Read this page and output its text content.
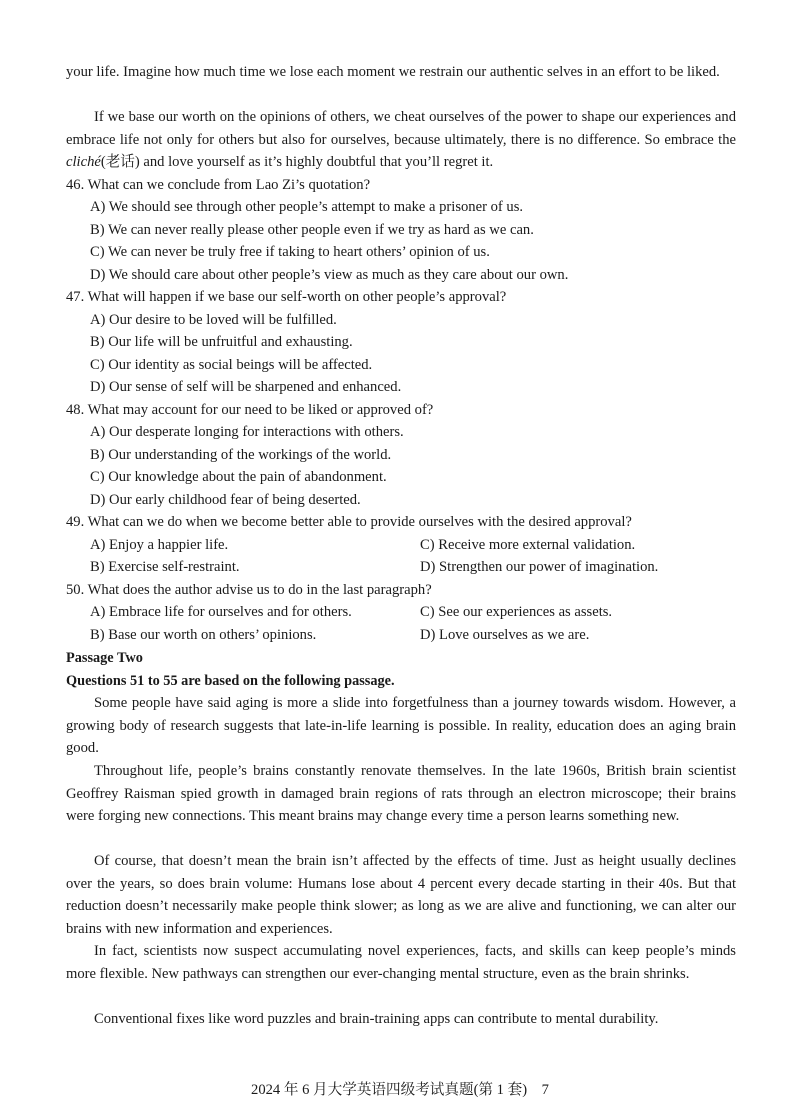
your life. Imagine how much time we lose each moment we restrain our authentic selves in an effort to be liked.

If we base our worth on the opinions of others, we cheat ourselves of the power to shape our experiences and embrace life not only for others but also for ourselves, because ultimately, there is no difference. So embrace the cliché(老话) and love yourself as it’s highly doubtful that you’ll regret it.

46. What can we conclude from Lao Zi’s quotation?

A) We should see through other people’s attempt to make a prisoner of us.

B) We can never really please other people even if we try as hard as we can.

C) We can never be truly free if taking to heart others’ opinion of us.

D) We should care about other people’s view as much as they care about our own.

47. What will happen if we base our self-worth on other people’s approval?

A) Our desire to be loved will be fulfilled.

B) Our life will be unfruitful and exhausting.

C) Our identity as social beings will be affected.

D) Our sense of self will be sharpened and enhanced.

48. What may account for our need to be liked or approved of?

A) Our desperate longing for interactions with others.

B) Our understanding of the workings of the world.

C) Our knowledge about the pain of abandonment.

D) Our early childhood fear of being deserted.

49. What can we do when we become better able to provide ourselves with the desired approval?

A) Enjoy a happier life.	C) Receive more external validation.

B) Exercise self-restraint.	D) Strengthen our power of imagination.

50. What does the author advise us to do in the last paragraph?

A) Embrace life for ourselves and for others.	C) See our experiences as assets.

B) Base our worth on others’ opinions.	D) Love ourselves as we are.

Passage Two

Questions 51 to 55 are based on the following passage.

Some people have said aging is more a slide into forgetfulness than a journey towards wisdom. However, a growing body of research suggests that late-in-life learning is possible. In reality, education does an aging brain good.

Throughout life, people’s brains constantly renovate themselves. In the late 1960s, British brain scientist Geoffrey Raisman spied growth in damaged brain regions of rats through an electron microscope; their brains were forging new connections. This meant brains may change every time a person learns something new.

Of course, that doesn’t mean the brain isn’t affected by the effects of time. Just as height usually declines over the years, so does brain volume: Humans lose about 4 percent every decade starting in their 40s. But that reduction doesn’t necessarily make people think slower; as long as we are alive and functioning, we can alter our brains with new information and experiences.

In fact, scientists now suspect accumulating novel experiences, facts, and skills can keep people’s minds more flexible. New pathways can strengthen our ever-changing mental structure, even as the brain shrinks.

Conventional fixes like word puzzles and brain-training apps can contribute to mental durability.

2024 年 6 月大学英语四级考试真题(第 1 套)　7
